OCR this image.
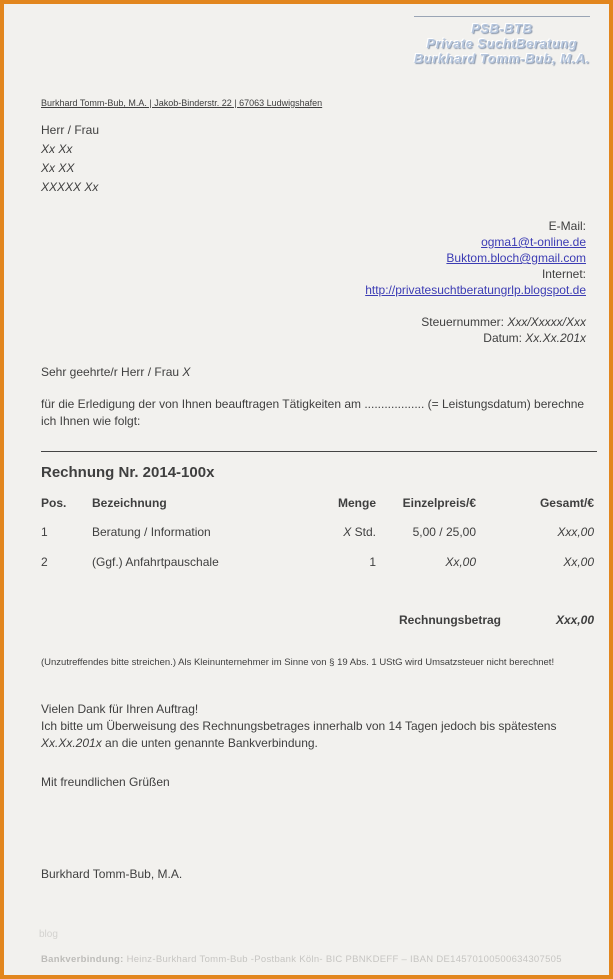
PSB-BTB
Private SuchtBeratung
Burkhard Tomm-Bub, M.A.
Burkhard Tomm-Bub, M.A. | Jakob-Binderstr. 22 | 67063 Ludwigshafen
Herr / Frau
Xx Xx
Xx XX
XXXXX Xx
E-Mail:
ogma1@t-online.de
Buktom.bloch@gmail.com
Internet:
http://privatesuchtberatungrlp.blogspot.de
Steuernummer: Xxx/Xxxxx/Xxx
Datum: Xx.Xx.201x
Sehr geehrte/r Herr / Frau X
für die Erledigung der von Ihnen beauftragen Tätigkeiten am .................. (= Leistungsdatum) berechne ich Ihnen wie folgt:
Rechnung Nr. 2014-100x
Pos. Bezeichnung	Menge Einzelpreis/€	Gesamt/€
1	Beratung / Information	X Std.	5,00 / 25,00	Xxx,00
2	(Ggf.) Anfahrtpauschale	1	Xx,00	Xx,00
Rechnungsbetrag	Xxx,00
(Unzutreffendes bitte streichen.) Als Kleinunternehmer im Sinne von § 19 Abs. 1 UStG wird Umsatzsteuer nicht berechnet!
Vielen Dank für Ihren Auftrag!
Ich bitte um Überweisung des Rechnungsbetrages innerhalb von 14 Tagen jedoch bis spätestens Xx.Xx.201x an die unten genannte Bankverbindung.
Mit freundlichen Grüßen
Burkhard Tomm-Bub, M.A.
blog
Bankverbindung: Heinz-Burkhard Tomm-Bub -Postbank Köln- BIC PBNKDEFF – IBAN DE14570100500634307505
